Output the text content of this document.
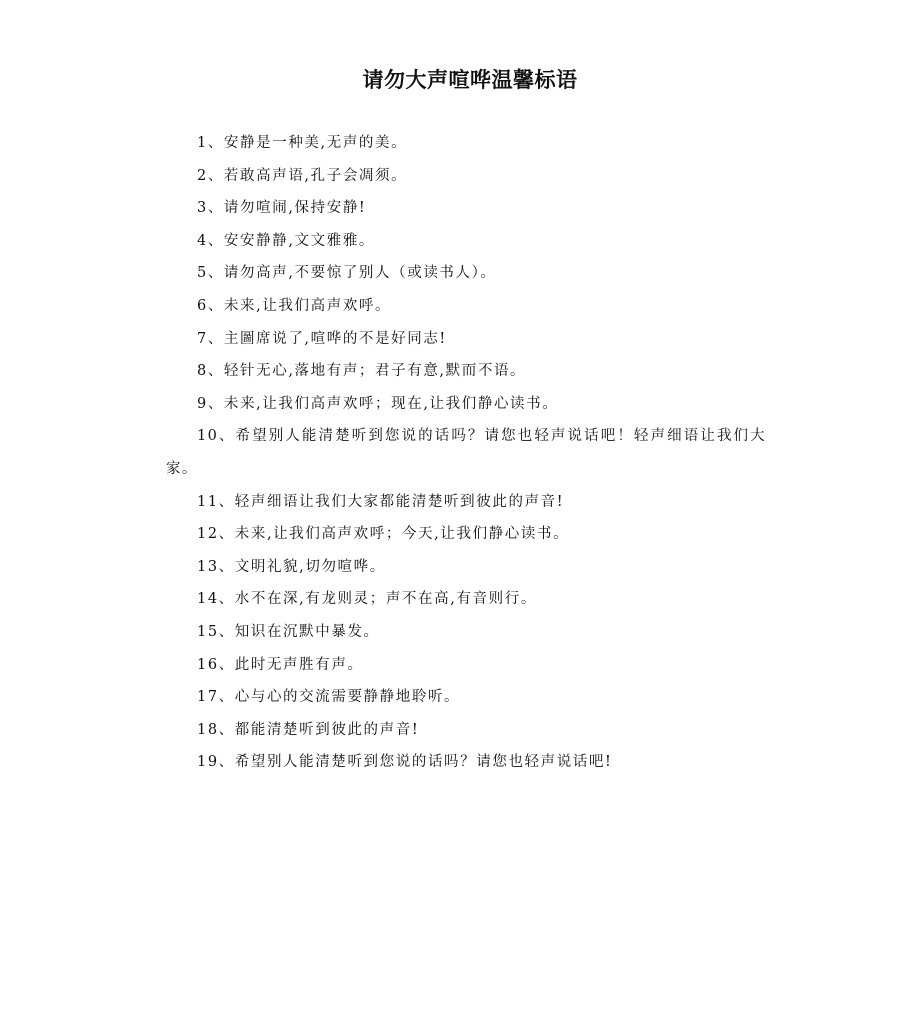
请勿大声喧哗温馨标语
1、安静是一种美,无声的美。
2、若敢高声语,孔子会凋须。
3、请勿喧闹,保持安静!
4、安安静静,文文雅雅。
5、请勿高声,不要惊了别人（或读书人）。
6、未来,让我们高声欢呼。
7、主圖席说了,喧哗的不是好同志!
8、轻针无心,落地有声；君子有意,默而不语。
9、未来,让我们高声欢呼；现在,让我们静心读书。
10、希望别人能清楚听到您说的话吗？请您也轻声说话吧！轻声细语让我们大家。
11、轻声细语让我们大家都能清楚听到彼此的声音!
12、未来,让我们高声欢呼；今天,让我们静心读书。
13、文明礼貌,切勿喧哗。
14、水不在深,有龙则灵；声不在高,有音则行。
15、知识在沉默中暴发。
16、此时无声胜有声。
17、心与心的交流需要静静地聆听。
18、都能清楚听到彼此的声音!
19、希望别人能清楚听到您说的话吗？请您也轻声说话吧!
